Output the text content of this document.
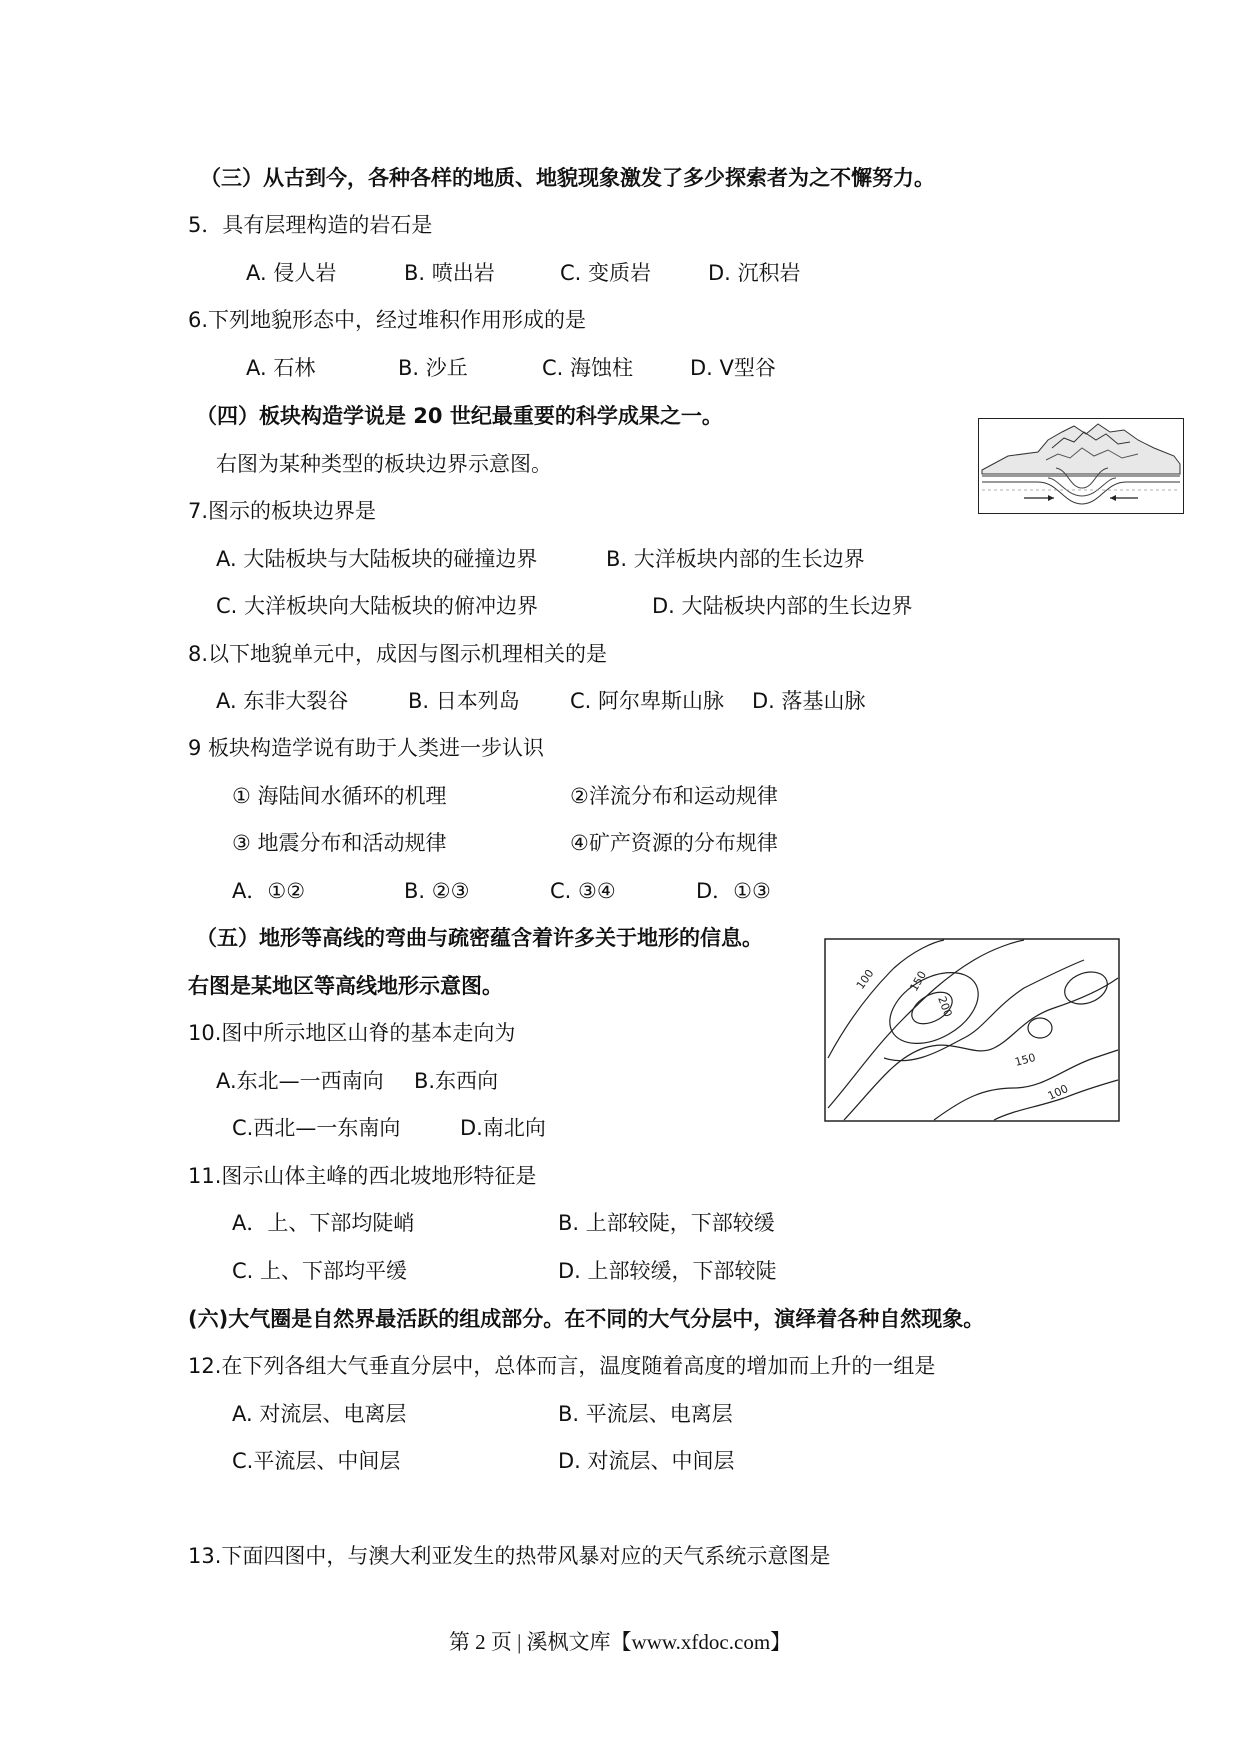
（三）从古到今，各种各样的地质、地貌现象激发了多少探索者为之不懈努力。
5．具有层理构造的岩石是
A. 侵人岩	B. 喷出岩	C. 变质岩	D. 沉积岩
6.下列地貌形态中，经过堆积作用形成的是
A. 石林	B. 沙丘	C. 海蚀柱	D. V型谷
（四）板块构造学说是 20 世纪最重要的科学成果之一。
右图为某种类型的板块边界示意图。
7.图示的板块边界是
A. 大陆板块与大陆板块的碰撞边界	B. 大洋板块内部的生长边界
C. 大洋板块向大陆板块的俯冲边界	D. 大陆板块内部的生长边界
8.以下地貌单元中，成因与图示机理相关的是
A. 东非大裂谷	B. 日本列岛 C. 阿尔卑斯山脉 D. 落基山脉
9 板块构造学说有助于人类进一步认识
① 海陆间水循环的机理	②洋流分布和运动规律
③ 地震分布和活动规律	④矿产资源的分布规律
A．①②	B. ②③	C. ③④	D．①③
（五）地形等高线的弯曲与疏密蕴含着许多关于地形的信息。
右图是某地区等高线地形示意图。	100	150
200
150
100
10.图中所示地区山脊的基本走向为
A.东北—一西南向 B.东西向
C.西北—一东南向	D.南北向
11.图示山体主峰的西北坡地形特征是
A．上、下部均陡峭	B. 上部较陡，下部较缓
C. 上、下部均平缓	D. 上部较缓，下部较陡
(六)大气圈是自然界最活跃的组成部分。在不同的大气分层中，演绎着各种自然现象。
12.在下列各组大气垂直分层中，总体而言，温度随着高度的增加而上升的一组是
A. 对流层、电离层	B. 平流层、电离层
C.平流层、中间层	D. 对流层、中间层
13.下面四图中，与澳大利亚发生的热带风暴对应的天气系统示意图是
第 2 页 | 溪枫文库【www.xfdoc.com】
